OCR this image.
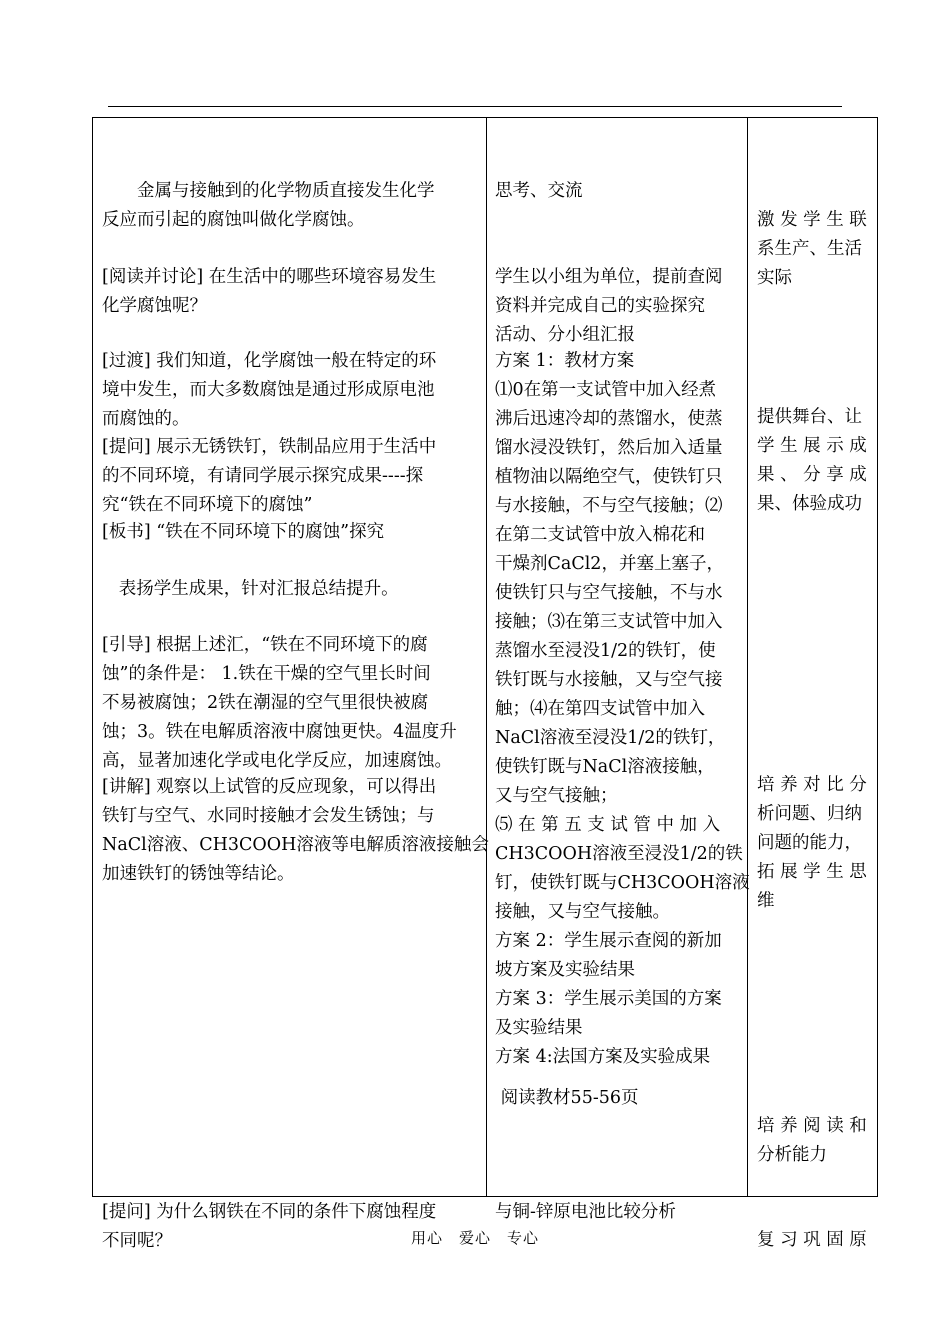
　　金属与接触到的化学物质直接发生化学
反应而引起的腐蚀叫做化学腐蚀。

[阅读并讨论] 在生活中的哪些环境容易发生
化学腐蚀呢？

[过渡] 我们知道，化学腐蚀一般在特定的环
境中发生，而大多数腐蚀是通过形成原电池
而腐蚀的。

[提问] 展示无锈铁钉，铁制品应用于生活中
的不同环境，有请同学展示探究成果----探
究“铁在不同环境下的腐蚀”

[板书] “铁在不同环境下的腐蚀”探究

表扬学生成果，针对汇报总结提升。

[引导] 根据上述汇，“铁在不同环境下的腐
蚀”的条件是： 1.铁在干燥的空气里长时间
不易被腐蚀；2铁在潮湿的空气里很快被腐
蚀；3。铁在电解质溶液中腐蚀更快。4温度升
高，显著加速化学或电化学反应，加速腐蚀。

[讲解] 观察以上试管的反应现象，可以得出
铁钉与空气、水同时接触才会发生锈蚀；与
NaCl溶液、CH3COOH溶液等电解质溶液接触会
加速铁钉的锈蚀等结论。

[提问] 为什么钢铁在不同的条件下腐蚀程度
不同呢？

思考、交流

学生以小组为单位，提前查阅
资料并完成自己的实验探究
活动、分小组汇报

方案 1：教材方案
⑴0在第一支试管中加入经煮
沸后迅速冷却的蒸馏水，使蒸
馏水浸没铁钉，然后加入适量
植物油以隔绝空气，使铁钉只
与水接触，不与空气接触；⑵
在第二支试管中放入棉花和
干燥剂CaCl2，并塞上塞子，
使铁钉只与空气接触，不与水
接触；⑶在第三支试管中加入
蒸馏水至浸没1/2的铁钉，使
铁钉既与水接触，又与空气接
触；⑷在第四支试管中加入
NaCl溶液至浸没1/2的铁钉，
使铁钉既与NaCl溶液接触，
又与空气接触；
⑸ 在 第 五 支 试 管 中 加 入
CH3COOH溶液至浸没1/2的铁
钉，使铁钉既与CH3COOH溶液
接触，又与空气接触。
方案 2：学生展示查阅的新加
坡方案及实验结果
方案 3：学生展示美国的方案
及实验结果
方案 4:法国方案及实验成果

阅读教材55-56页

与铜-锌原电池比较分析

激 发 学 生 联
系生产、生活
实际

提供舞台、让
学 生 展 示 成
果 、 分 享 成
果、体验成功

培 养 对 比 分
析问题、归纳
问题的能力，
拓 展 学 生 思
维

培 养 阅 读 和
分析能力

复 习 巩 固 原

用心　爱心　专心
